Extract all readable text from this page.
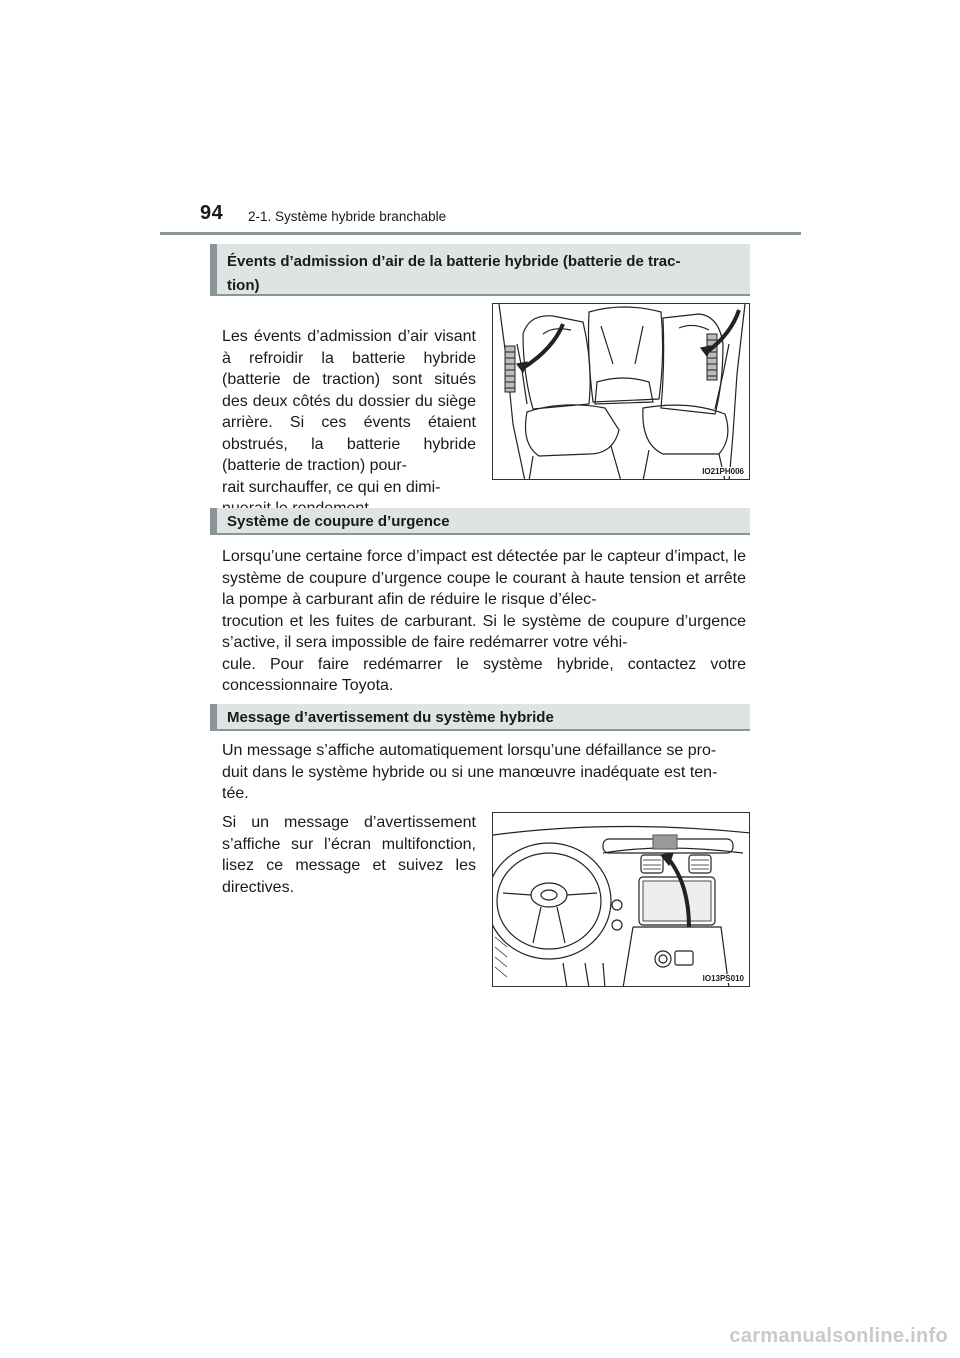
94 2-1. Système hybride branchable
Évents d’admission d’air de la batterie hybride (batterie de trac-
tion)
Les évents d’admission d’air visant à refroidir la batterie hybride (batterie de traction) sont situés des deux côtés du dossier du siège arrière. Si ces évents étaient obstrués, la batterie hybride (batterie de traction) pour-
rait surchauffer, ce qui en dimi-

IO21PH006
Système de coupure d’urgence
Lorsqu’une certaine force d’impact est détectée par le capteur d’impact, le système de coupure d’urgence coupe le courant à haute tension et arrête la pompe à carburant afin de réduire le risque d’élec-
trocution et les fuites de carburant. Si le système de coupure d’urgence s’active, il sera impossible de faire redémarrer votre véhi-
cule. Pour faire redémarrer le système hybride, contactez votre concessionnaire Toyota.
Message d’avertissement du système hybride
Un message s’affiche automatiquement lorsqu’une défaillance se pro-
duit dans le système hybride ou si une manœuvre inadéquate est ten-
tée.
Si un message d’avertissement s’affiche sur l’écran multifonction, lisez ce message et suivez les directives.
IO13PS010
carmanualsonline.info
